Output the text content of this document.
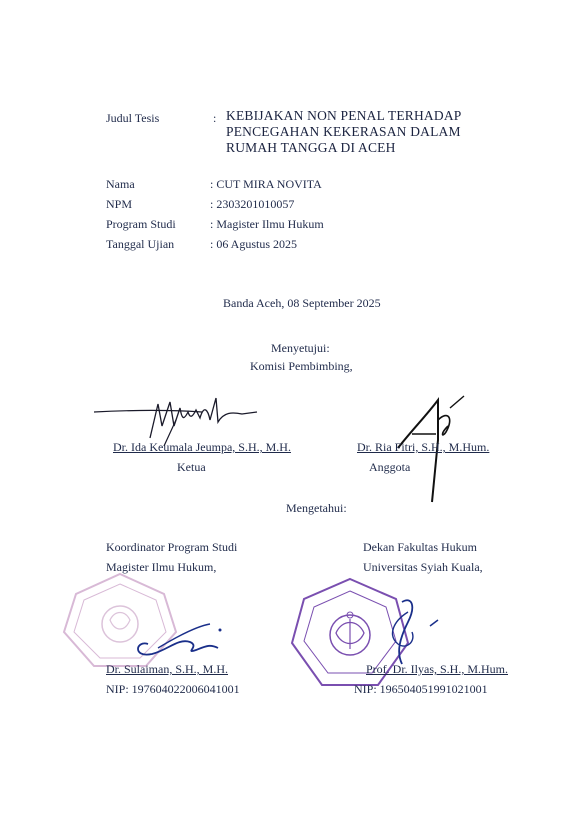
Judul Tesis	: KEBIJAKAN NON PENAL TERHADAP
PENCEGAHAN KEKERASAN DALAM
RUMAH TANGGA DI ACEH
Nama	: CUT MIRA NOVITA
NPM	: 2303201010057
Program Studi	: Magister Ilmu Hukum
Tanggal Ujian	: 06 Agustus 2025
Banda Aceh, 08 September 2025
Menyetujui:
Komisi Pembimbing,
Dr. Ida Keumala Jeumpa, S.H., M.H.
Ketua
Dr. Ria Fitri, S.H., M.Hum.
Anggota
Mengetahui:
Koordinator Program Studi
Magister Ilmu Hukum,
Dekan Fakultas Hukum
Universitas Syiah Kuala,
Dr. Sulaiman, S.H., M.H.
NIP: 197604022006041001
Prof. Dr. Ilyas, S.H., M.Hum.
NIP: 196504051991021001
